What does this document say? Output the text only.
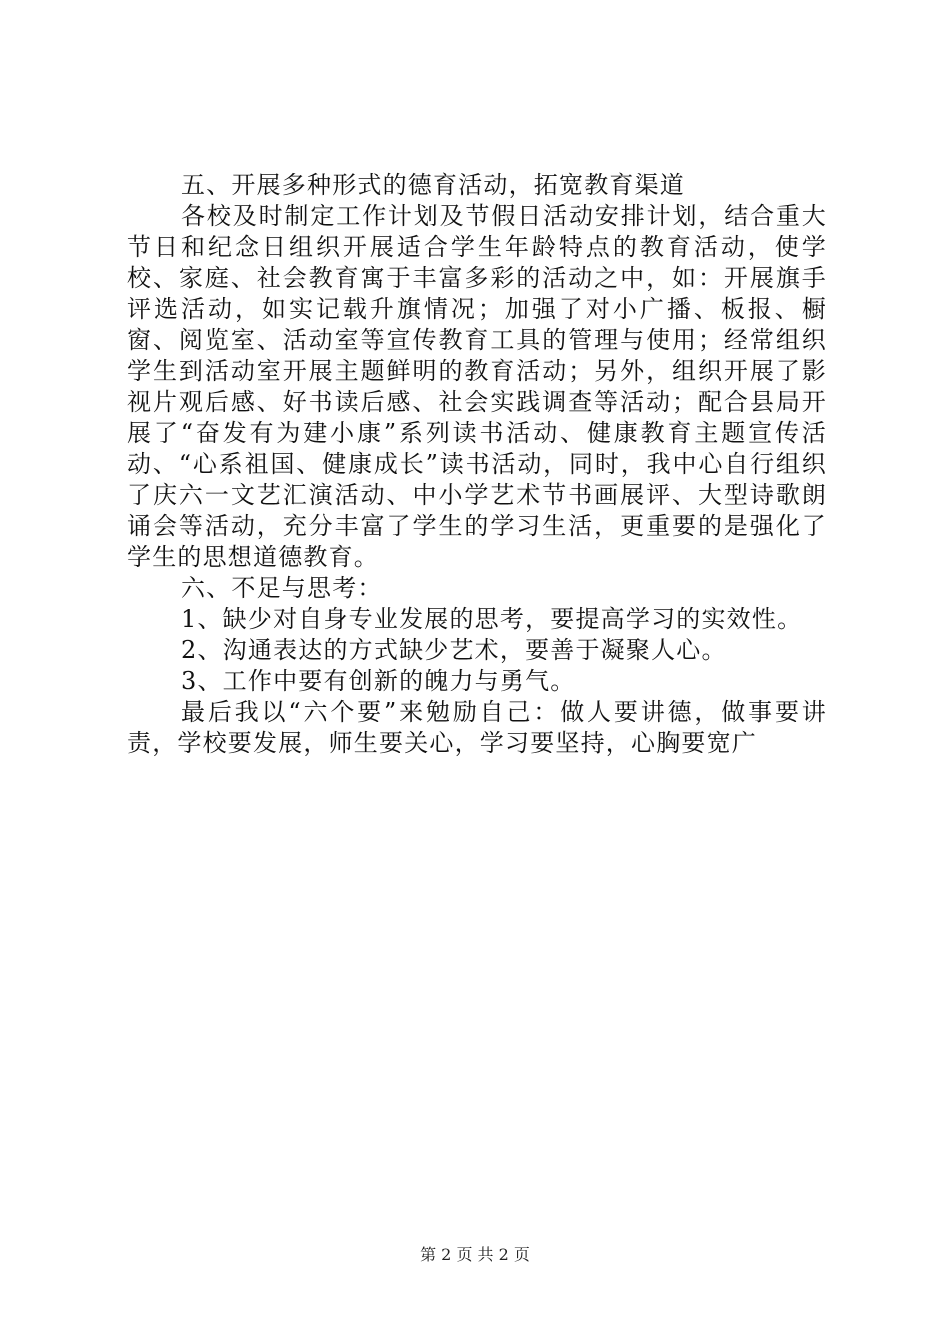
五、开展多种形式的德育活动，拓宽教育渠道

各校及时制定工作计划及节假日活动安排计划，结合重大节日和纪念日组织开展适合学生年龄特点的教育活动，使学校、家庭、社会教育寓于丰富多彩的活动之中，如：开展旗手评选活动，如实记载升旗情况；加强了对小广播、板报、橱窗、阅览室、活动室等宣传教育工具的管理与使用；经常组织学生到活动室开展主题鲜明的教育活动；另外，组织开展了影视片观后感、好书读后感、社会实践调查等活动；配合县局开展了“奋发有为建小康”系列读书活动、健康教育主题宣传活动、“心系祖国、健康成长”读书活动，同时，我中心自行组织了庆六一文艺汇演活动、中小学艺术节书画展评、大型诗歌朗诵会等活动，充分丰富了学生的学习生活，更重要的是强化了学生的思想道德教育。

六、不足与思考：

1、缺少对自身专业发展的思考，要提高学习的实效性。

2、沟通表达的方式缺少艺术，要善于凝聚人心。

3、工作中要有创新的魄力与勇气。

最后我以“六个要”来勉励自己：做人要讲德，做事要讲责，学校要发展，师生要关心，学习要坚持，心胸要宽广

第 2 页 共 2 页
